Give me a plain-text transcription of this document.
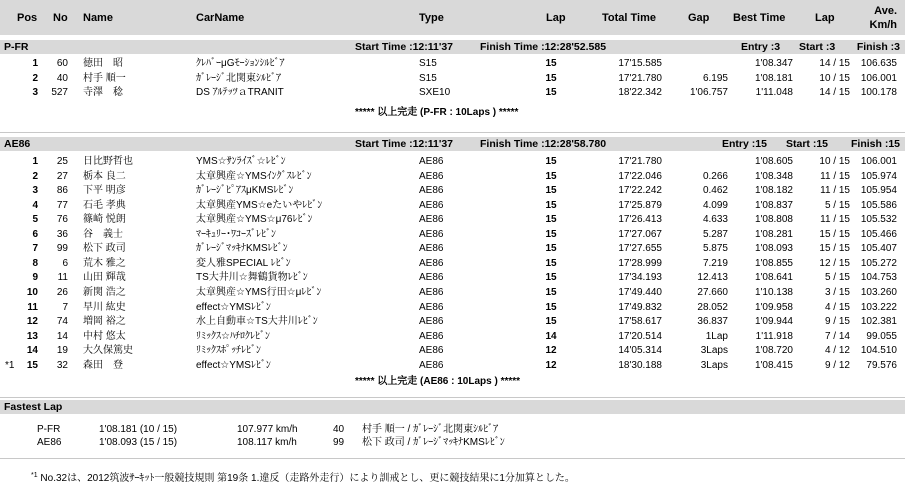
Pos No Name	CarName	Type	Lap	Total Time	Gap Best Time	Lap
Ave.
Km/h
P-FR	Start Time :12:11'37	Finish Time :12:28'52.585	Entry :3 Start :3 Finish :3
1	60 徳田　昭	ｸﾚﾊﾞｰμGﾓｰｼｮﾝｼﾙﾋﾞｱ	S15	15	17'15.585	1'08.347	14 / 15	106.635
2	40 村手 順一	ｶﾞﾚｰｼﾞ北関東ｼﾙﾋﾞｱ	S15	15	17'21.780	6.195	1'08.181	10 / 15	106.001
3 527 寺澤　稔	DS ｱﾙﾃｯﾂａTRANIT	SXE10	15	18'22.342	1'06.757	1'11.048	14 / 15	100.178
***** 以上完走 (P-FR : 10Laps ) *****
AE86	Start Time :12:11'37	Finish Time :12:28'58.780	Entry :15 Start :15 Finish :15
1	25 日比野哲也	YMS☆ｻﾝﾗｲｽﾞ☆ﾚﾋﾞﾝ	AE86	15	17'21.780	1'08.605	10 / 15	106.001
2	27 栃本 良二	太章興産☆YMSｲﾝｸﾞｽﾚﾋﾞﾝ	AE86	15	17'22.046	0.266	1'08.348	11 / 15	105.974
3	86 下平 明彦	ｶﾞﾚｰｼﾞﾋﾟｱｽμKMSﾚﾋﾞﾝ	AE86	15	17'22.242	0.462	1'08.182	11 / 15	105.954
4	77 石毛 孝典	太章興産YMS☆eたいやﾚﾋﾞﾝ	AE86	15	17'25.879	4.099	1'08.837	5 / 15	105.586
5	76 篠崎 悦朗	太章興産☆YMS☆μ76ﾚﾋﾞﾝ	AE86	15	17'26.413	4.633	1'08.808	11 / 15	105.532
6	36 谷　義士	ﾏｰｷｭﾘｰ･ﾜｺｰｽﾞﾚﾋﾞﾝ	AE86	15	17'27.067	5.287	1'08.281	15 / 15	105.466
7	99 松下 政司	ｶﾞﾚｰｼﾞﾏｯｷﾅKMSﾚﾋﾞﾝ	AE86	15	17'27.655	5.875	1'08.093	15 / 15	105.407
8	6 荒木 雅之	変人雅SPECIAL ﾚﾋﾞﾝ	AE86	15	17'28.999	7.219	1'08.855	12 / 15	105.272
9	11 山田 輝哉	TS大井川☆舞鶴貨物ﾚﾋﾞﾝ	AE86	15	17'34.193	12.413	1'08.641	5 / 15	104.753
10	26 新関 浩之	太章興産☆YMS行田☆μﾚﾋﾞﾝ	AE86	15	17'49.440	27.660	1'10.138	3 / 15	103.260
11	7 早川 紘史	effect☆YMSﾚﾋﾞﾝ	AE86	15	17'49.832	28.052	1'09.958	4 / 15	103.222
12	74 増岡 裕之	水上自動車☆TS大井川ﾚﾋﾞﾝ	AE86	15	17'58.617	36.837	1'09.944	9 / 15	102.381
13	14 中村 悠太	ﾘﾐｯｸｽ☆ﾊﾁﾛｸﾚﾋﾞﾝ	AE86	14	17'20.514	1Lap	1'11.918	7 / 14	99.055
14	19 大久保篤史	ﾘﾐｯｸｽﾎﾟｯﾁﾚﾋﾞﾝ	AE86	12	14'05.314	3Laps	1'08.720	4 / 12	104.510
*1	15	32 森田　登	effect☆YMSﾚﾋﾞﾝ	AE86	12	18'30.188	3Laps	1'08.415	9 / 12	79.576
***** 以上完走 (AE86 : 10Laps ) *****
Fastest Lap
P-FR	1'08.181 (10 / 15)	107.977 km/h	40 村手 順一 / ｶﾞﾚｰｼﾞ北関東ｼﾙﾋﾞｱ
AE86	1'08.093 (15 / 15)	108.117 km/h	99 松下 政司 / ｶﾞﾚｰｼﾞﾏｯｷﾅKMSﾚﾋﾞﾝ
$^{*1}$ No.32は、2012筑波ｻｰｷｯﾄ一般競技規則 第19条 1.違反（走路外走行）により訓戒とし、更に競技結果に1分加算とした。
